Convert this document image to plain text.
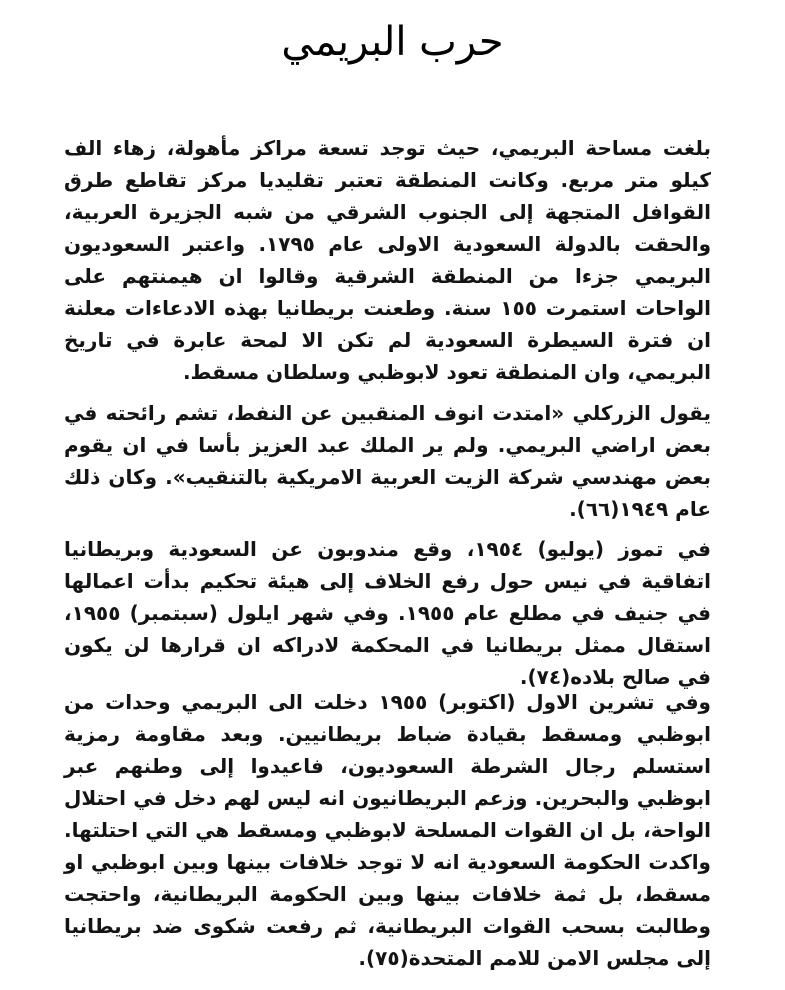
حرب البريمي

بلغت مساحة البريمي، حيث توجد تسعة مراكز مأهولة، زهاء الف كيلو متر مربع. وكانت المنطقة تعتبر تقليديا مركز تقاطع طرق القوافل المتجهة إلى الجنوب الشرقي من شبه الجزيرة العربية، والحقت بالدولة السعودية الاولى عام ١٧٩٥. واعتبر السعوديون البريمي جزءا من المنطقة الشرقية وقالوا ان هيمنتهم على الواحات استمرت ١٥٥ سنة. وطعنت بريطانيا بهذه الادعاءات معلنة ان فترة السيطرة السعودية لم تكن الا لمحة عابرة في تاريخ البريمي، وان المنطقة تعود لابوظبي وسلطان مسقط.

يقول الزركلي «امتدت انوف المنقبين عن النفط، تشم رائحته في بعض اراضي البريمي. ولم ير الملك عبد العزيز بأسا في ان يقوم بعض مهندسي شركة الزيت العربية الامريكية بالتنقيب». وكان ذلك عام ١٩٤٩(٦٦).

في تموز (يوليو) ١٩٥٤، وقع مندوبون عن السعودية وبريطانيا اتفاقية في نيس حول رفع الخلاف إلى هيئة تحكيم بدأت اعمالها في جنيف في مطلع عام ١٩٥٥. وفي شهر ايلول (سبتمبر) ١٩٥٥، استقال ممثل بريطانيا في المحكمة لادراكه ان قرارها لن يكون في صالح بلاده(٧٤).

وفي تشرين الاول (اكتوبر) ١٩٥٥ دخلت الى البريمي وحدات من ابوظبي ومسقط بقيادة ضباط بريطانيين. وبعد مقاومة رمزية استسلم رجال الشرطة السعوديون، فاعيدوا إلى وطنهم عبر ابوظبي والبحرين. وزعم البريطانيون انه ليس لهم دخل في احتلال الواحة، بل ان القوات المسلحة لابوظبي ومسقط هي التي احتلتها. واكدت الحكومة السعودية انه لا توجد خلافات بينها وبين ابوظبي او مسقط، بل ثمة خلافات بينها وبين الحكومة البريطانية، واحتجت وطالبت بسحب القوات البريطانية، ثم رفعت شكوى ضد بريطانيا إلى مجلس الامن للامم المتحدة(٧٥).
